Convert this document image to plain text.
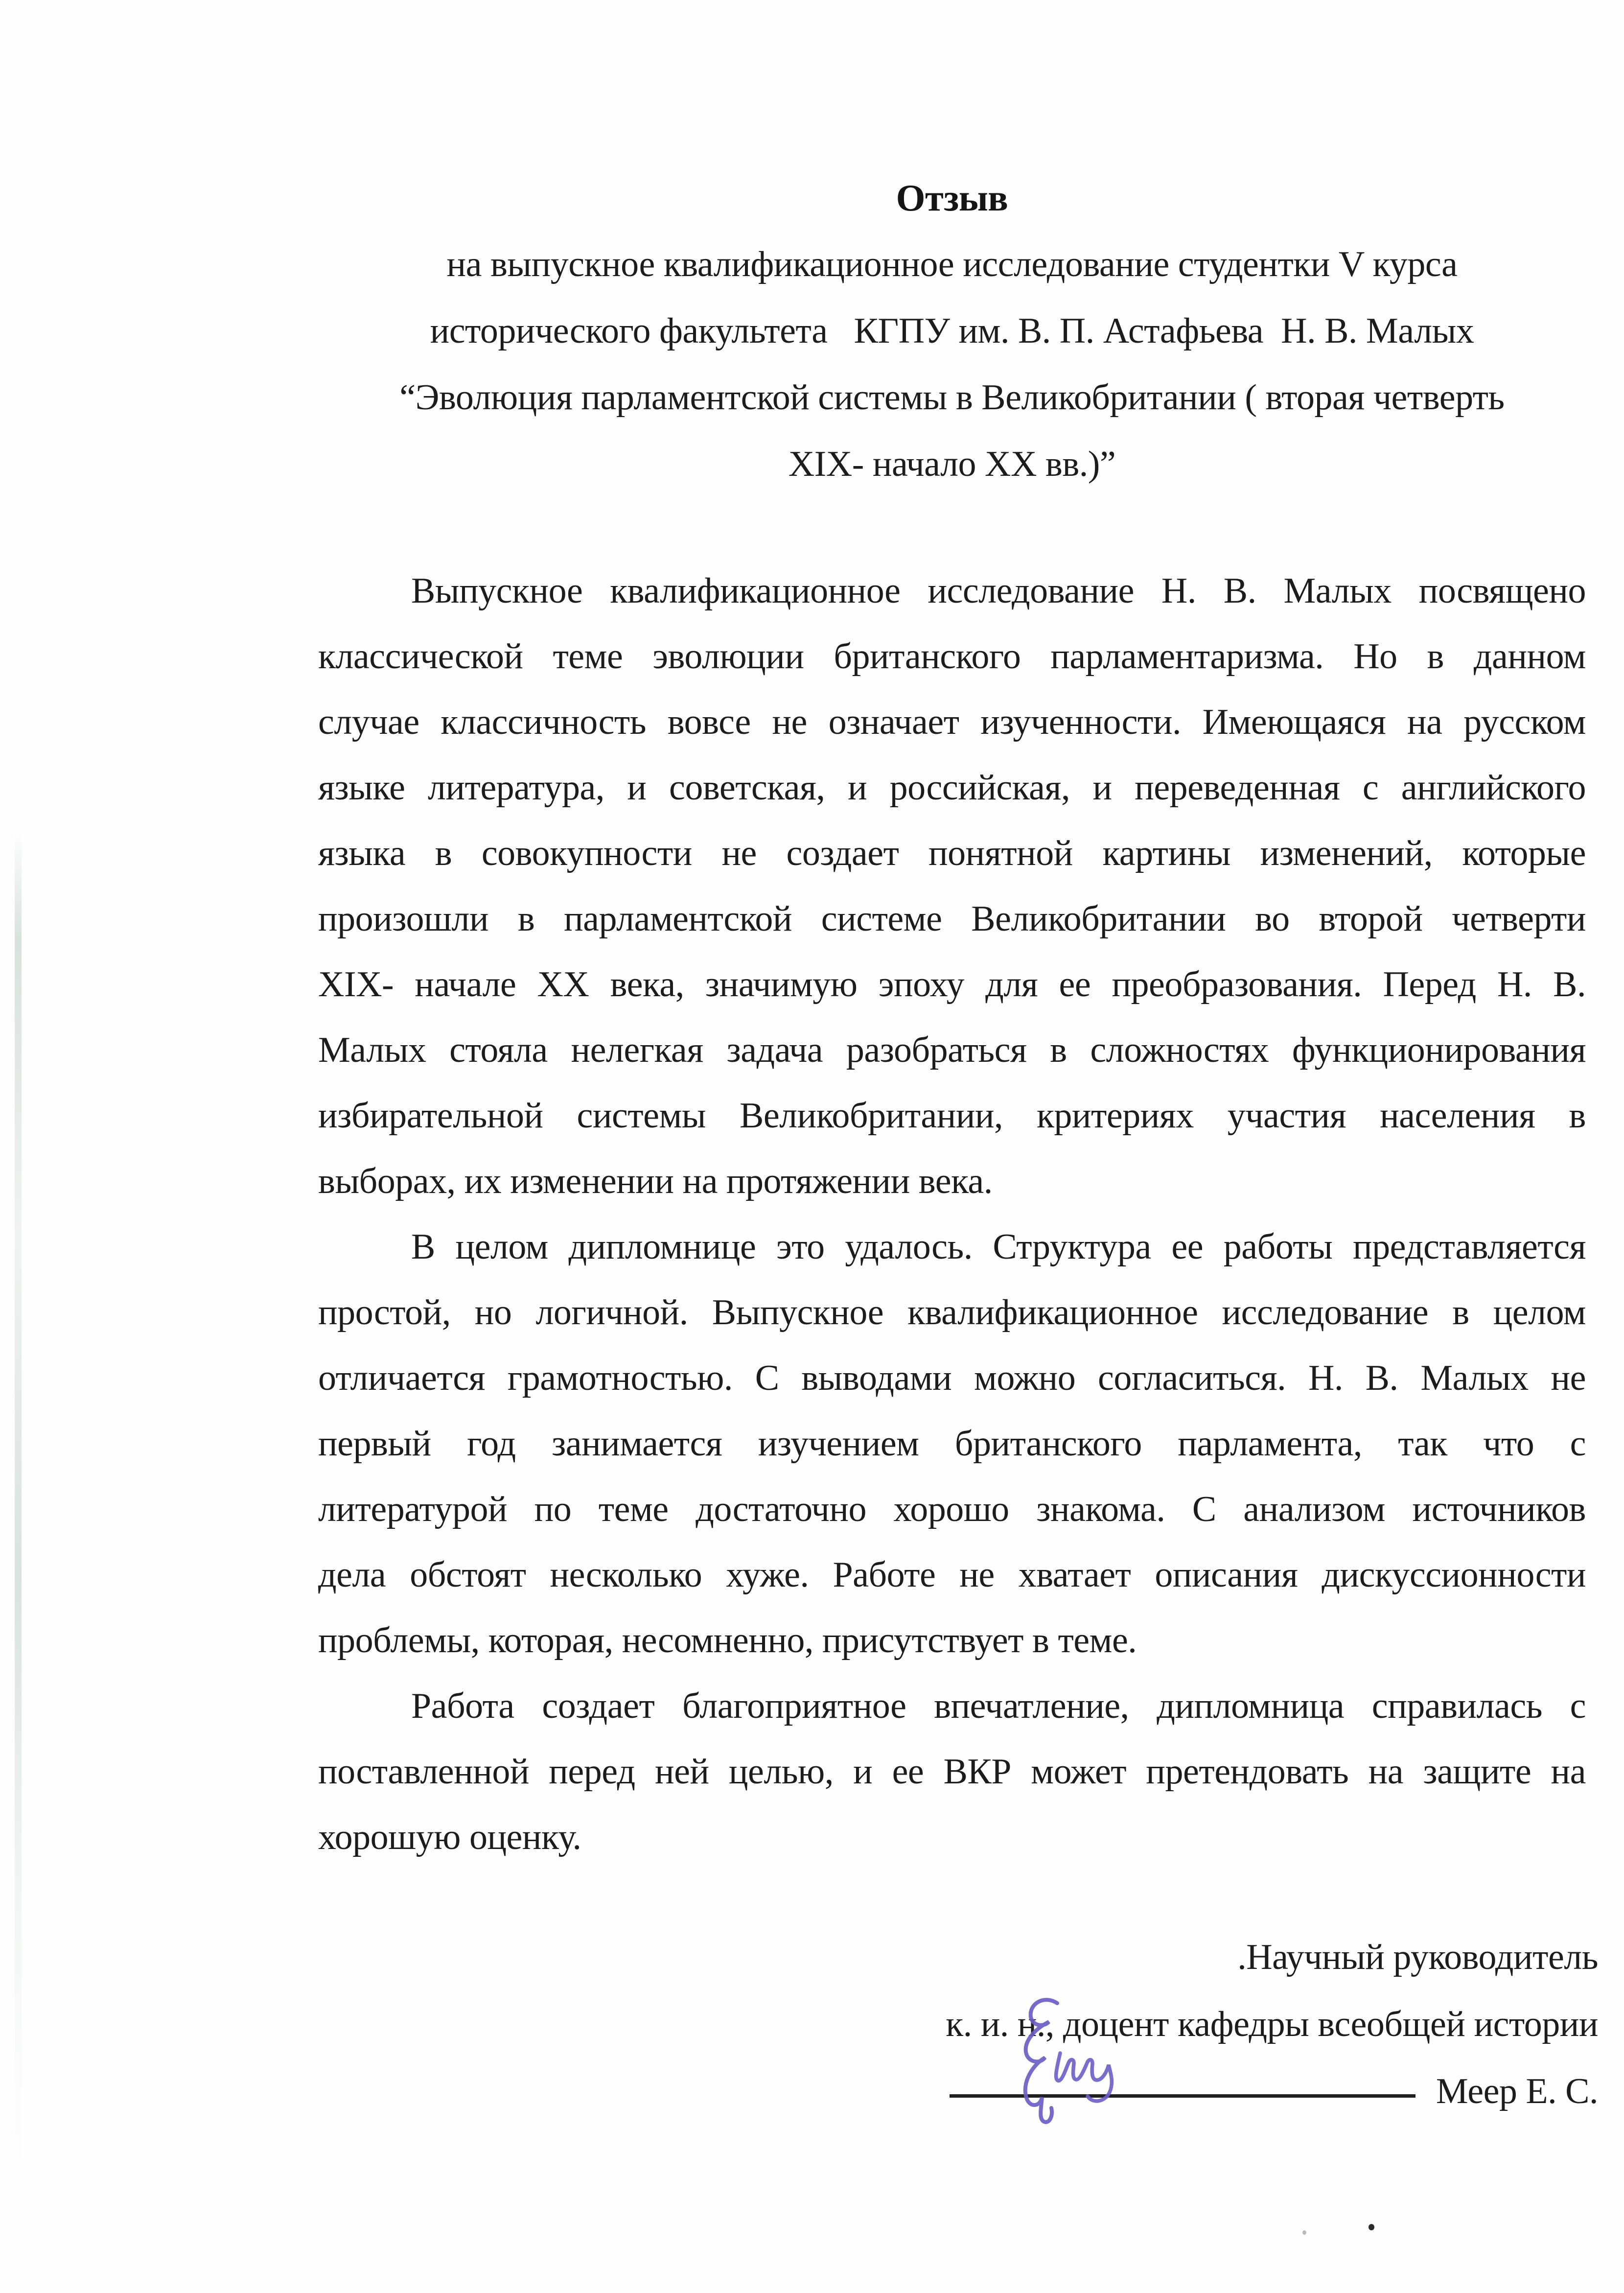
Отзыв
на выпускное квалификационное исследование студентки V курса
исторического факультета   КГПУ им. В. П. Астафьева  Н. В. Малых
“Эволюция парламентской системы в Великобритании ( вторая четверть
XIX- начало XX вв.)”
Выпускное квалификационное исследование Н. В. Малых посвящено
классической теме эволюции британского парламентаризма. Но в данном
случае классичность вовсе не означает изученности. Имеющаяся на русском
языке литература, и советская, и российская, и переведенная с английского
языка в совокупности не создает понятной картины изменений, которые
произошли в парламентской системе Великобритании во второй четверти
XIX- начале XX века, значимую эпоху для ее преобразования. Перед Н. В.
Малых стояла нелегкая задача разобраться в сложностях функционирования
избирательной системы Великобритании, критериях участия населения в
выборах, их изменении на протяжении века.
В целом дипломнице это удалось. Структура ее работы представляется
простой, но логичной. Выпускное квалификационное исследование в целом
отличается грамотностью. С выводами можно согласиться. Н. В. Малых не
первый год занимается изучением британского парламента, так что с
литературой по теме достаточно хорошо знакома. С анализом источников
дела обстоят несколько хуже. Работе не хватает описания дискуссионности
проблемы, которая, несомненно, присутствует в теме.
Работа создает благоприятное впечатление, дипломница справилась с
поставленной перед ней целью, и ее ВКР может претендовать на защите на
хорошую оценку.
.Научный руководитель
к. и. н., доцент кафедры всеобщей истории
Меер Е. С.
